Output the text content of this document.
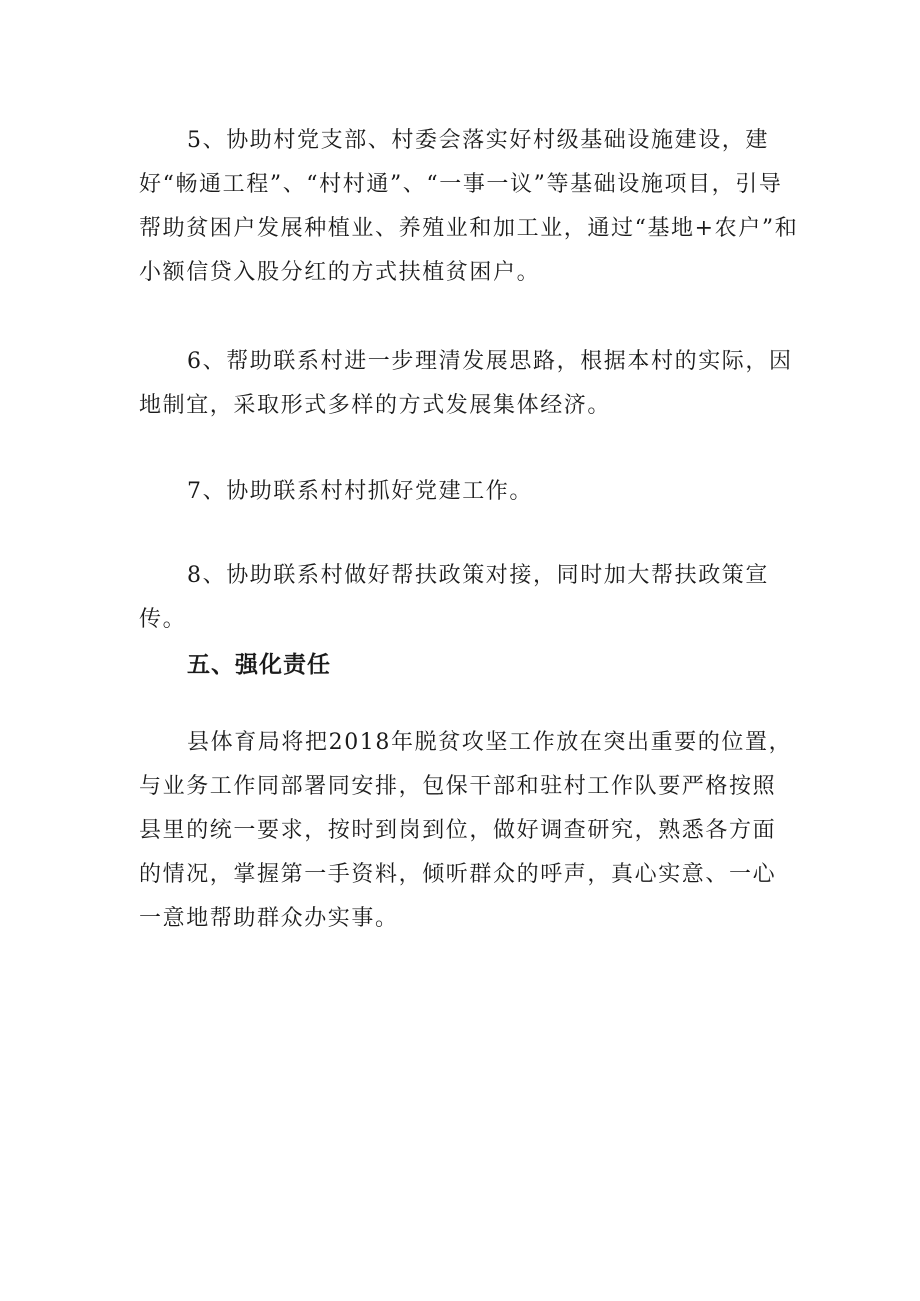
5、协助村党支部、村委会落实好村级基础设施建设，建好“畅通工程”、“村村通”、“一事一议”等基础设施项目，引导帮助贫困户发展种植业、养殖业和加工业，通过“基地+农户”和小额信贷入股分红的方式扶植贫困户。

6、帮助联系村进一步理清发展思路，根据本村的实际，因地制宜，采取形式多样的方式发展集体经济。

7、协助联系村村抓好党建工作。

8、协助联系村做好帮扶政策对接，同时加大帮扶政策宣传。

五、强化责任

县体育局将把2018年脱贫攻坚工作放在突出重要的位置，与业务工作同部署同安排，包保干部和驻村工作队要严格按照县里的统一要求，按时到岗到位，做好调查研究，熟悉各方面的情况，掌握第一手资料，倾听群众的呼声，真心实意、一心一意地帮助群众办实事。
